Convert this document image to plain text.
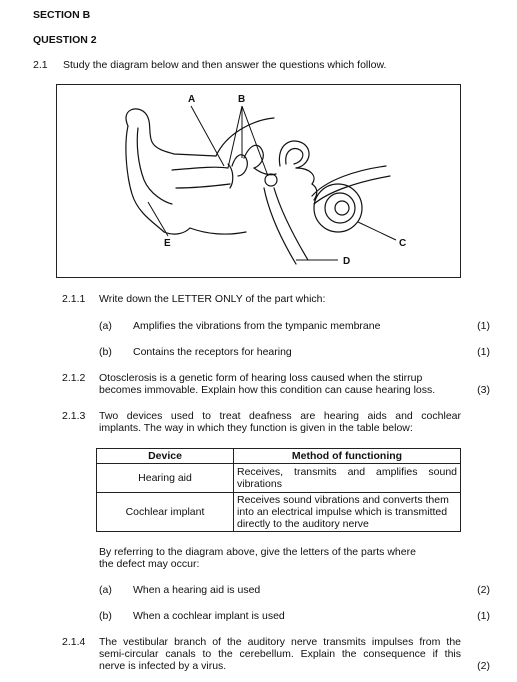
SECTION B
QUESTION 2
2.1 Study the diagram below and then answer the questions which follow.
A	B
C
D
E
2.1.1 Write down the LETTER ONLY of the part which:
(a) Amplifies the vibrations from the tympanic membrane	(1)
(b) Contains the receptors for hearing	(1)
2.1.2 Otosclerosis is a genetic form of hearing loss caused when the stirrup
becomes immovable. Explain how this condition can cause hearing loss.	(3)
2.1.3 Two devices used to treat deafness are hearing aids and cochlear
implants. The way in which they function is given in the table below:
Device	Method of functioning
Hearing aid	Receives, transmits and amplifies sound
vibrations

Cochlear implant	Receives sound vibrations and converts them
into an electrical impulse which is transmitted
directly to the auditory nerve
By referring to the diagram above, give the letters of the parts where
the defect may occur:
(a) When a hearing aid is used	(2)
(b) When a cochlear implant is used	(1)
2.1.4 The vestibular branch of the auditory nerve transmits impulses from the
semi-circular canals to the cerebellum. Explain the consequence if this
nerve is infected by a virus.	(2)
